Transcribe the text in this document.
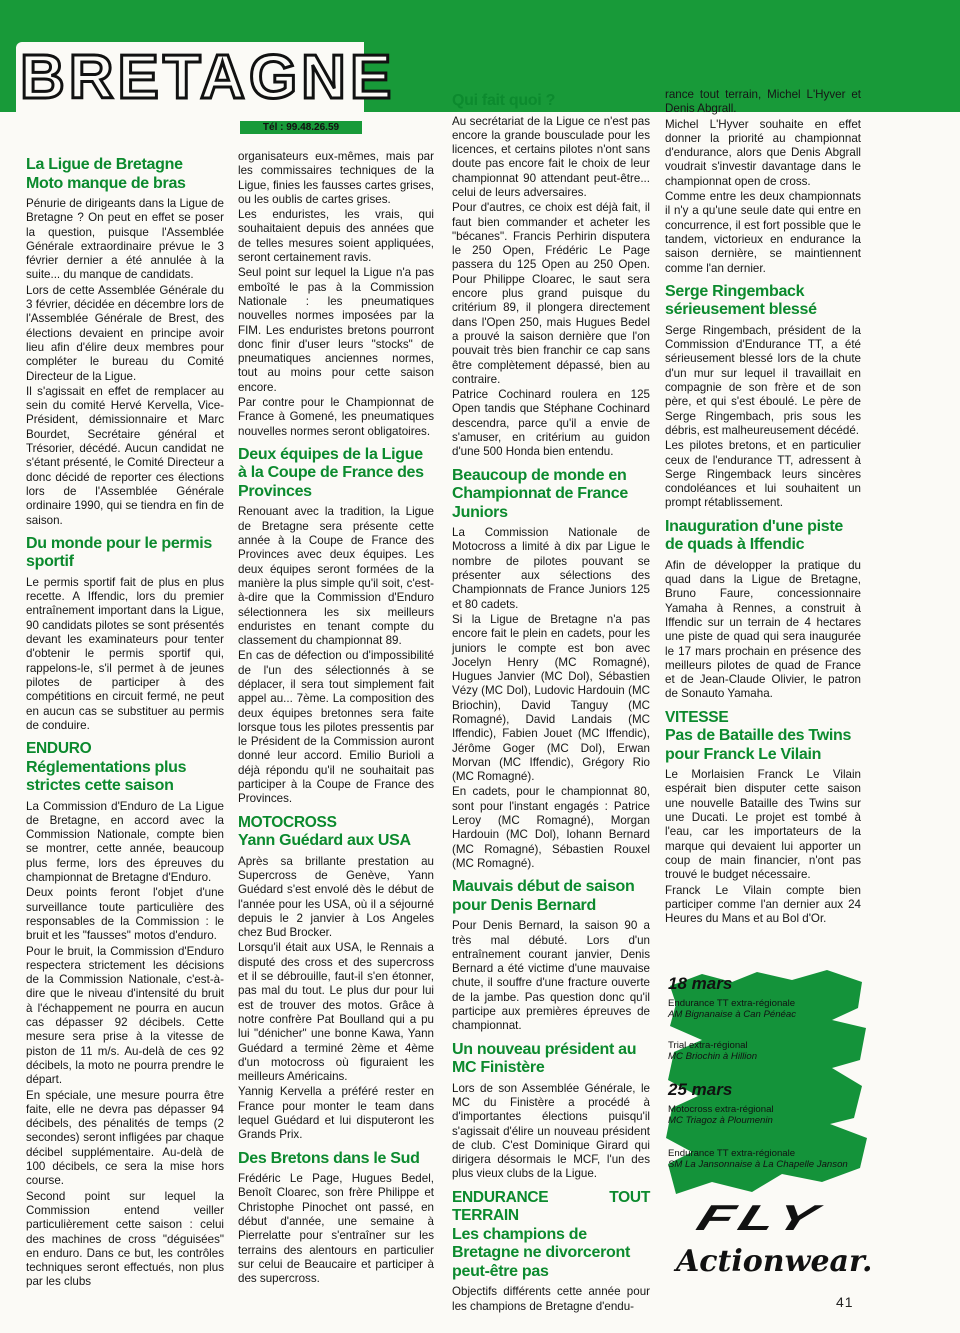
BRETAGNE
Tél : 99.48.26.59
La Ligue de Bretagne
Moto manque de bras

Pénurie de dirigeants dans la Ligue de Bretagne ? On peut en effet se poser la question, puisque l'Assemblée Générale extraordinaire prévue le 3 février dernier a été annulée à la suite... du manque de candidats.

Lors de cette Assemblée Générale du 3 février, décidée en décembre lors de l'Assemblée Générale de Brest, des élections devaient en principe avoir lieu afin d'élire deux membres pour compléter le bureau du Comité Directeur de la Ligue.

Il s'agissait en effet de remplacer au sein du comité Hervé Kervella, Vice-Président, démissionnaire et Marc Bourdet, Secrétaire général et Trésorier, décédé. Aucun candidat ne s'étant présenté, le Comité Directeur a donc décidé de reporter ces élections lors de l'Assemblée Générale ordinaire 1990, qui se tiendra en fin de saison.

Du monde pour le permis
sportif

Le permis sportif fait de plus en plus recette. A Iffendic, lors du premier entraînement important dans la Ligue, 90 candidats pilotes se sont présentés devant les examinateurs pour tenter d'obtenir le permis sportif qui, rappelons-le, s'il permet à de jeunes pilotes de participer à des compétitions en circuit fermé, ne peut en aucun cas se substituer au permis de conduire.

ENDURO
Réglementations plus
strictes cette saison

La Commission d'Enduro de La Ligue de Bretagne, en accord avec la Commission Nationale, compte bien se montrer, cette année, beaucoup plus ferme, lors des épreuves du championnat de Bretagne d'Enduro.

Deux points feront l'objet d'une surveillance toute particulière des responsables de la Commission : le bruit et les "fausses" motos d'enduro.

Pour le bruit, la Commission d'Enduro respectera strictement les décisions de la Commission Nationale, c'est-à-dire que le niveau d'intensité du bruit à l'échappement ne pourra en aucun cas dépasser 92 décibels. Cette mesure sera prise à la vitesse de piston de 11 m/s. Au-delà de ces 92 décibels, la moto ne pourra prendre le départ.

En spéciale, une mesure pourra être faite, elle ne devra pas dépasser 94 décibels, des pénalités de temps (2 secondes) seront infligées par chaque décibel supplémentaire. Au-delà de 100 décibels, ce sera la mise hors course.

Second point sur lequel la Commission entend veiller particulièrement cette saison : celui des machines de cross "déguisées" en enduro. Dans ce but, les contrôles techniques seront effectués, non plus par les clubs

organisateurs eux-mêmes, mais par les commissaires techniques de la Ligue, finies les fausses cartes grises, ou les oublis de cartes grises.

Les enduristes, les vrais, qui souhaitaient depuis des années que de telles mesures soient appliquées, seront certainement ravis.

Seul point sur lequel la Ligue n'a pas emboîté le pas à la Commission Nationale : les pneumatiques nouvelles normes imposées par la FIM. Les enduristes bretons pourront donc finir d'user leurs "stocks" de pneumatiques anciennes normes, tout au moins pour cette saison encore.

Par contre pour le Championnat de France à Gomené, les pneumatiques nouvelles normes seront obligatoires.

Deux équipes de la Ligue
à la Coupe de France des
Provinces

Renouant avec la tradition, la Ligue de Bretagne sera présente cette année à la Coupe de France des Provinces avec deux équipes. Les deux équipes seront formées de la manière la plus simple qu'il soit, c'est-à-dire que la Commission d'Enduro sélectionnera les six meilleurs enduristes en tenant compte du classement du championnat 89.

En cas de défection ou d'impossibilité de l'un des sélectionnés à se déplacer, il sera tout simplement fait appel au... 7ème. La composition des deux équipes bretonnes sera faite lorsque tous les pilotes pressentis par le Président de la Commission auront donné leur accord. Emilio Burioli a déjà répondu qu'il ne souhaitait pas participer à la Coupe de France des Provinces.

MOTOCROSS
Yann Guédard aux USA

Après sa brillante prestation au Supercross de Genève, Yann Guédard s'est envolé dès le début de l'année pour les USA, où il a séjourné depuis le 2 janvier à Los Angeles chez Bud Brocker.

Lorsqu'il était aux USA, le Rennais a disputé des cross et des supercross et il se débrouille, faut-il s'en étonner, pas mal du tout. Le plus dur pour lui est de trouver des motos. Grâce à notre confrère Pat Boulland qui a pu lui "dénicher" une bonne Kawa, Yann Guédard a terminé 2ème et 4ème d'un motocross où figuraient les meilleurs Américains.

Yannig Kervella a préféré rester en France pour monter le team dans lequel Guédard et lui disputeront les Grands Prix.

Des Bretons dans le Sud

Frédéric Le Page, Hugues Bedel, Benoît Cloarec, son frère Philippe et Christophe Pinochet ont passé, en début d'année, une semaine à Pierrelatte pour s'entraîner sur les terrains des alentours en particulier sur celui de Beaucaire et participer à des supercross.

Qui fait quoi ?

Au secrétariat de la Ligue ce n'est pas encore la grande bousculade pour les licences, et certains pilotes n'ont sans doute pas encore fait le choix de leur championnat 90 attendant peut-être... celui de leurs adversaires.

Pour d'autres, ce choix est déjà fait, il faut bien commander et acheter les "bécanes". Francis Perhirin disputera le 250 Open, Frédéric Le Page passera du 125 Open au 250 Open. Pour Philippe Cloarec, le saut sera encore plus grand puisque du critérium 89, il plongera directement dans l'Open 250, mais Hugues Bedel a prouvé la saison dernière que l'on pouvait très bien franchir ce cap sans être complètement dépassé, bien au contraire.

Patrice Cochinard roulera en 125 Open tandis que Stéphane Cochinard descendra, parce qu'il a envie de s'amuser, en critérium au guidon d'une 500 Honda bien entendu.

Beaucoup de monde en
Championnat de France
Juniors

La Commission Nationale de Motocross a limité à dix par Ligue le nombre de pilotes pouvant se présenter aux sélections des Championnats de France Juniors 125 et 80 cadets.

Si la Ligue de Bretagne n'a pas encore fait le plein en cadets, pour les juniors le compte est bon avec Jocelyn Henry (MC Romagné), Hugues Janvier (MC Dol), Sébastien Vézy (MC Dol), Ludovic Hardouin (MC Briochin), David Tanguy (MC Romagné), David Landais (MC Iffendic), Fabien Jouet (MC Iffendic), Jérôme Goger (MC Dol), Erwan Morvan (MC Iffendic), Grégory Rio (MC Romagné).

En cadets, pour le championnat 80, sont pour l'instant engagés : Patrice Leroy (MC Romagné), Morgan Hardouin (MC Dol), Iohann Bernard (MC Romagné), Sébastien Rouxel (MC Romagné).

Mauvais début de saison
pour Denis Bernard

Pour Denis Bernard, la saison 90 a très mal débuté. Lors d'un entraînement courant janvier, Denis Bernard a été victime d'une mauvaise chute, il souffre d'une fracture ouverte de la jambe. Pas question donc qu'il participe aux premières épreuves de championnat.

Un nouveau président au
MC Finistère

Lors de son Assemblée Générale, le MC du Finistère a procédé à d'importantes élections puisqu'il s'agissait d'élire un nouveau président de club. C'est Dominique Girard qui dirigera désormais le MCF, l'un des plus vieux clubs de la Ligue.

ENDURANCE TOUT TERRAIN
Les champions de
Bretagne ne divorceront
peut-être pas

Objectifs différents cette année pour les champions de Bretagne d'endu-

rance tout terrain, Michel L'Hyver et Denis Abgrall.

Michel L'Hyver souhaite en effet donner la priorité au championnat d'endurance, alors que Denis Abgrall voudrait s'investir davantage dans le championnat open de cross.

Comme entre les deux championnats il n'y a qu'une seule date qui entre en concurrence, il est fort possible que le tandem, victorieux en endurance la saison dernière, se maintiennent comme l'an dernier.

Serge Ringemback
sérieusement blessé

Serge Ringembach, président de la Commission d'Endurance TT, a été sérieusement blessé lors de la chute d'un mur sur lequel il travaillait en compagnie de son frère et de son père, et qui s'est éboulé. Le père de Serge Ringembach, pris sous les débris, est malheureusement décédé.

Les pilotes bretons, et en particulier ceux de l'endurance TT, adressent à Serge Ringemback leurs sincères condoléances et lui souhaitent un prompt rétablissement.

Inauguration d'une piste
de quads à Iffendic

Afin de développer la pratique du quad dans la Ligue de Bretagne, Bruno Faure, concessionnaire Yamaha à Rennes, a construit à Iffendic sur un terrain de 4 hectares une piste de quad qui sera inaugurée le 17 mars prochain en présence des meilleurs pilotes de quad de France et de Jean-Claude Olivier, le patron de Sonauto Yamaha.

VITESSE
Pas de Bataille des Twins
pour Franck Le Vilain

Le Morlaisien Franck Le Vilain espérait bien disputer cette saison une nouvelle Bataille des Twins sur une Ducati. Le projet est tombé à l'eau, car les importateurs de la marque qui devaient lui apporter un coup de main financier, n'ont pas trouvé le budget nécessaire.

Franck Le Vilain compte bien participer comme l'an dernier aux 24 Heures du Mans et au Bol d'Or.

18 mars
Endurance TT extra-régionale
AM Bignanaise à Can Pénéac
Trial extra-régional
MC Briochin à Hillion
25 mars
Motocross extra-régional
MC Triagoz à Ploumenin
Endurance TT extra-régionale
SM La Jansonnaise à La Chapelle Janson
FLY
Actionwear.
41
